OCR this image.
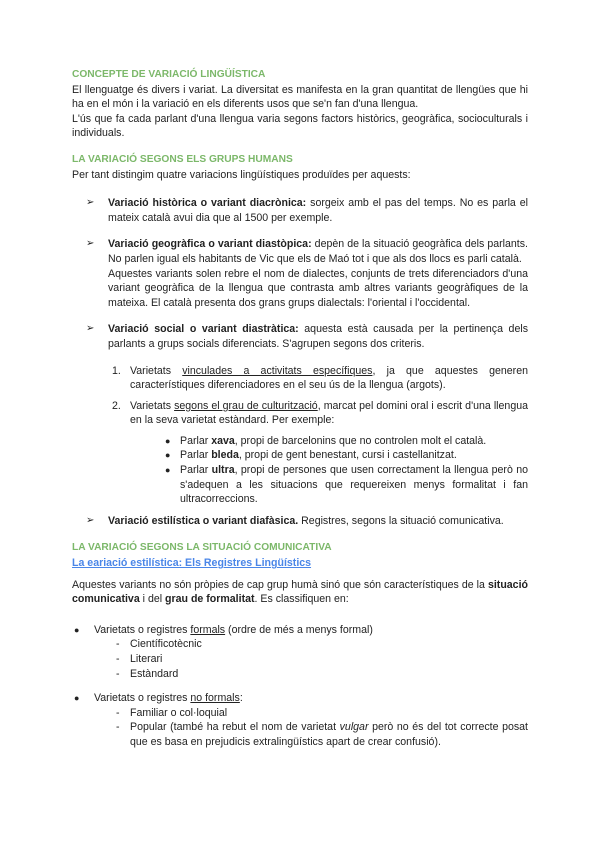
CONCEPTE DE VARIACIÓ LINGÜÍSTICA

El llenguatge és divers i variat. La diversitat es manifesta en la gran quantitat de llengües que hi ha en el món i la variació en els diferents usos que se'n fan d'una llengua.

L'ús que fa cada parlant d'una llengua varia segons factors històrics, geogràfica, socioculturals i individuals.

LA VARIACIÓ SEGONS ELS GRUPS HUMANS

Per tant distingim quatre variacions lingüístiques produïdes per aquests:

➢ Variació històrica o variant diacrònica: sorgeix amb el pas del temps. No es parla el mateix català avui dia que al 1500 per exemple.
➢ Variació geogràfica o variant diastòpica: depèn de la situació geogràfica dels parlants. No parlen igual els habitants de Vic que els de Maó tot i que als dos llocs es parli català.
Aquestes variants solen rebre el nom de dialectes, conjunts de trets diferenciadors d'una variant geogràfica de la llengua que contrasta amb altres variants geogràfiques de la mateixa. El català presenta dos grans grups dialectals: l'oriental i l'occidental.
➢ Variació social o variant diastràtica: aquesta està causada per la pertinença dels parlants a grups socials diferenciats. S'agrupen segons dos criteris.
1. Varietats vinculades a activitats específiques, ja que aquestes generen característiques diferenciadores en el seu ús de la llengua (argots).
2. Varietats segons el grau de culturització, marcat pel domini oral i escrit d'una llengua en la seva varietat estàndard. Per exemple:
● Parlar xava, propi de barcelonins que no controlen molt el català.
● Parlar bleda, propi de gent benestant, cursi i castellanitzat.
● Parlar ultra, propi de persones que usen correctament la llengua però no s'adequen a les situacions que requereixen menys formalitat i fan ultracorreccions.
➢ Variació estilística o variant diafàsica. Registres, segons la situació comunicativa.
LA VARIACIÓ SEGONS LA SITUACIÓ COMUNICATIVA
La eariació estilística: Els Registres Lingüístics

Aquestes variants no són pròpies de cap grup humà sinó que són característiques de la situació comunicativa i del grau de formalitat. Es classifiquen en:

● Varietats o registres formals (ordre de més a menys formal)
- Científicotècnic
- Literari
- Estàndard
● Varietats o registres no formals:
- Familiar o col·loquial
- Popular (també ha rebut el nom de varietat vulgar però no és del tot correcte posat que es basa en prejudicis extralingüístics apart de crear confusió).
